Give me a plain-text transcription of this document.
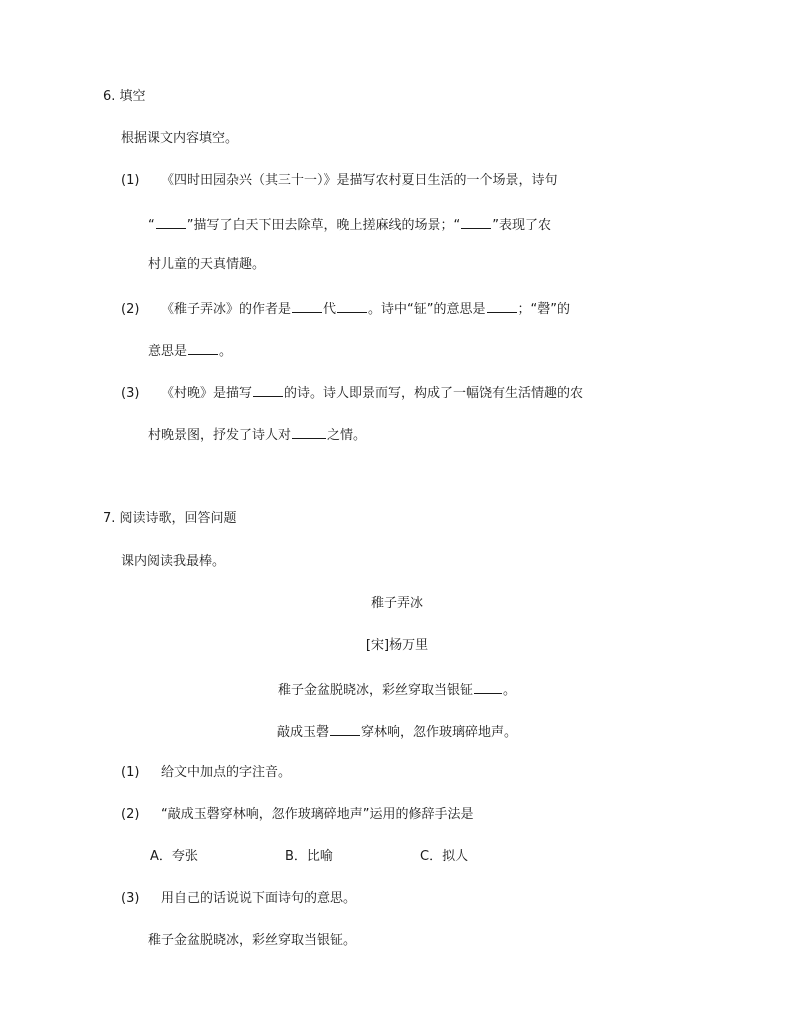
6. 填空
根据课文内容填空。
(1) 《四时田园杂兴（其三十一）》是描写农村夏日生活的一个场景，诗句
“ ”描写了白天下田去除草，晚上搓麻线的场景；“ ”表现了农
村儿童的天真情趣。
(2) 《稚子弄冰》的作者是 代 。诗中“钲”的意思是 ；“磬”的
意思是 。
(3) 《村晚》是描写 的诗。诗人即景而写，构成了一幅饶有生活情趣的农
村晚景图，抒发了诗人对	之情。
7. 阅读诗歌，回答问题
课内阅读我最棒。
稚子弄冰
[宋]杨万里
稚子金盆脱晓冰，彩丝穿取当银钲 。
敲成玉磬 穿林响，忽作玻璃碎地声。
(1) 给文中加点的字注音。
(2) “敲成玉磬穿林响，忽作玻璃碎地声”运用的修辞手法是
A．夸张	B．比喻	C．拟人
(3) 用自己的话说说下面诗句的意思。
稚子金盆脱晓冰，彩丝穿取当银钲。
